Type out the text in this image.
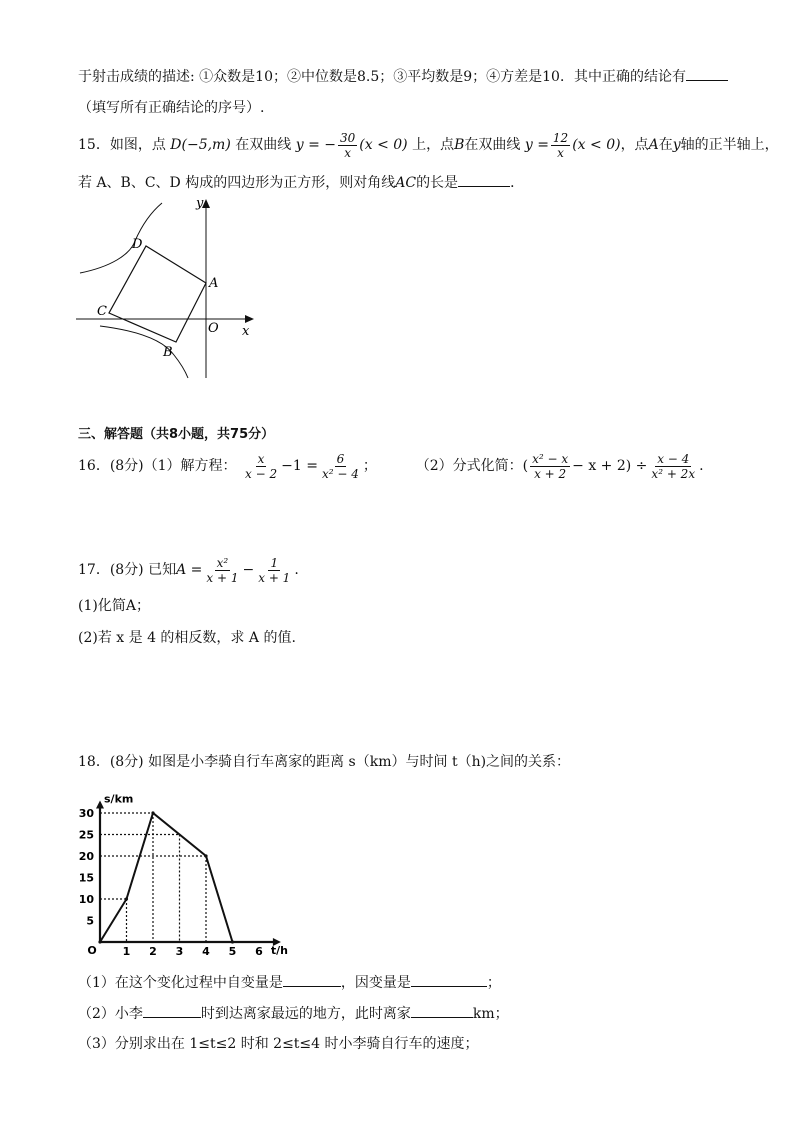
于射击成绩的描述: ①众数是10；②中位数是8.5；③平均数是9；④方差是10．其中正确的结论有
（填写所有正确结论的序号）.
15．如图，点 D(−5,m) 在双曲线 y = − $\frac{30}{x} (x < 0)$ 上，点B在双曲线 $y = \frac{12}{x} (x < 0)$，点A在y轴的正半轴上，
若 A、B、C、D 构成的四边形为正方形，则对角线AC的长是	．
y
x
O
A
B
C
D
三、解答题（共8小题，共75分）
16．(8分)（1）解方程： $\frac{x}{x - 2} -1 = \frac{6}{\text{x² − 4}}$ ；	（2）分式化简：( $\frac{\text{x² − x}}{x + 2} - x + 2) \div \frac{x - 4}{\text{x² + 2x}}$ .
17．(8分) 已知$A = \frac{\text{x²}}{x + 1} - \frac{1}{x + 1}$ .
(1)化简A；
(2)若 x 是 4 的相反数，求 A 的值.
18．(8分) 如图是小李骑自行车离家的距离 s（km）与时间 t（h)之间的关系：
1 2 3 4 5 6
5
10
15
20
25
30
O	t/h
s/km
（1）在这个变化过程中自变量是	，因变量是	；
（2）小李	时到达离家最远的地方，此时离家	km；
（3）分别求出在 1≤t≤2 时和 2≤t≤4 时小李骑自行车的速度；
